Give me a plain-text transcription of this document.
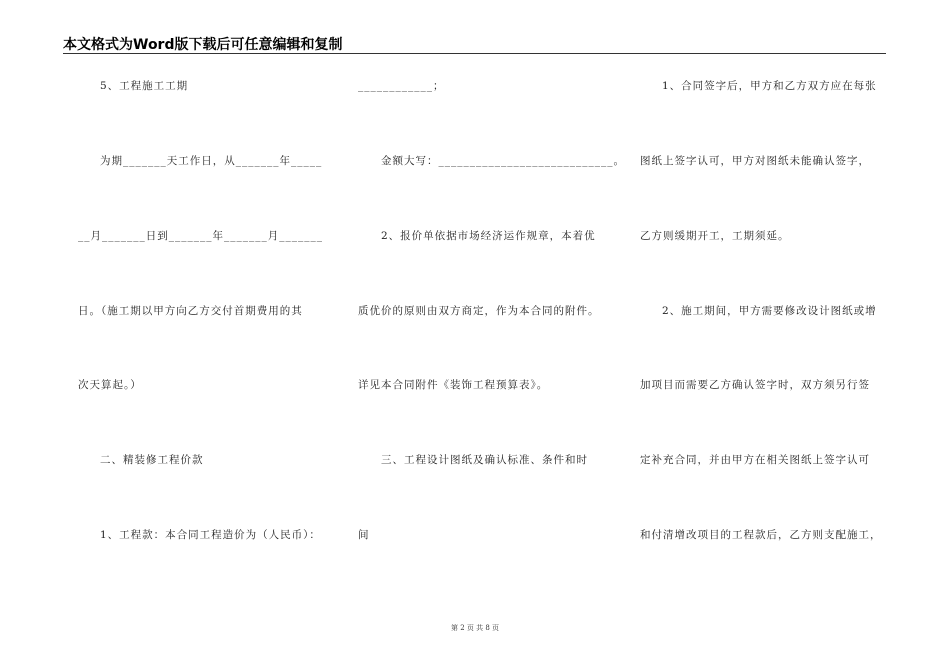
本文格式为Word版下载后可任意编辑和复制
5、工程施工工期
为期_______天工作日，从_______年_____
__月_______日到_______年_______月_______
日。（施工期以甲方向乙方交付首期费用的其
次天算起。）
二、精装修工程价款
1、工程款：本合同工程造价为（人民币）：
____________；
金额大写：____________________________。
2、报价单依据市场经济运作规章，本着优
质优价的原则由双方商定，作为本合同的附件。
详见本合同附件《装饰工程预算表》。
三、工程设计图纸及确认标准、条件和时
间
1、合同签字后，甲方和乙方双方应在每张
图纸上签字认可，甲方对图纸未能确认签字，
乙方则缓期开工，工期须延。
2、施工期间，甲方需要修改设计图纸或增
加项目而需要乙方确认签字时，双方须另行签
定补充合同，并由甲方在相关图纸上签字认可
和付清增改项目的工程款后，乙方则支配施工，
第 2 页 共 8 页
